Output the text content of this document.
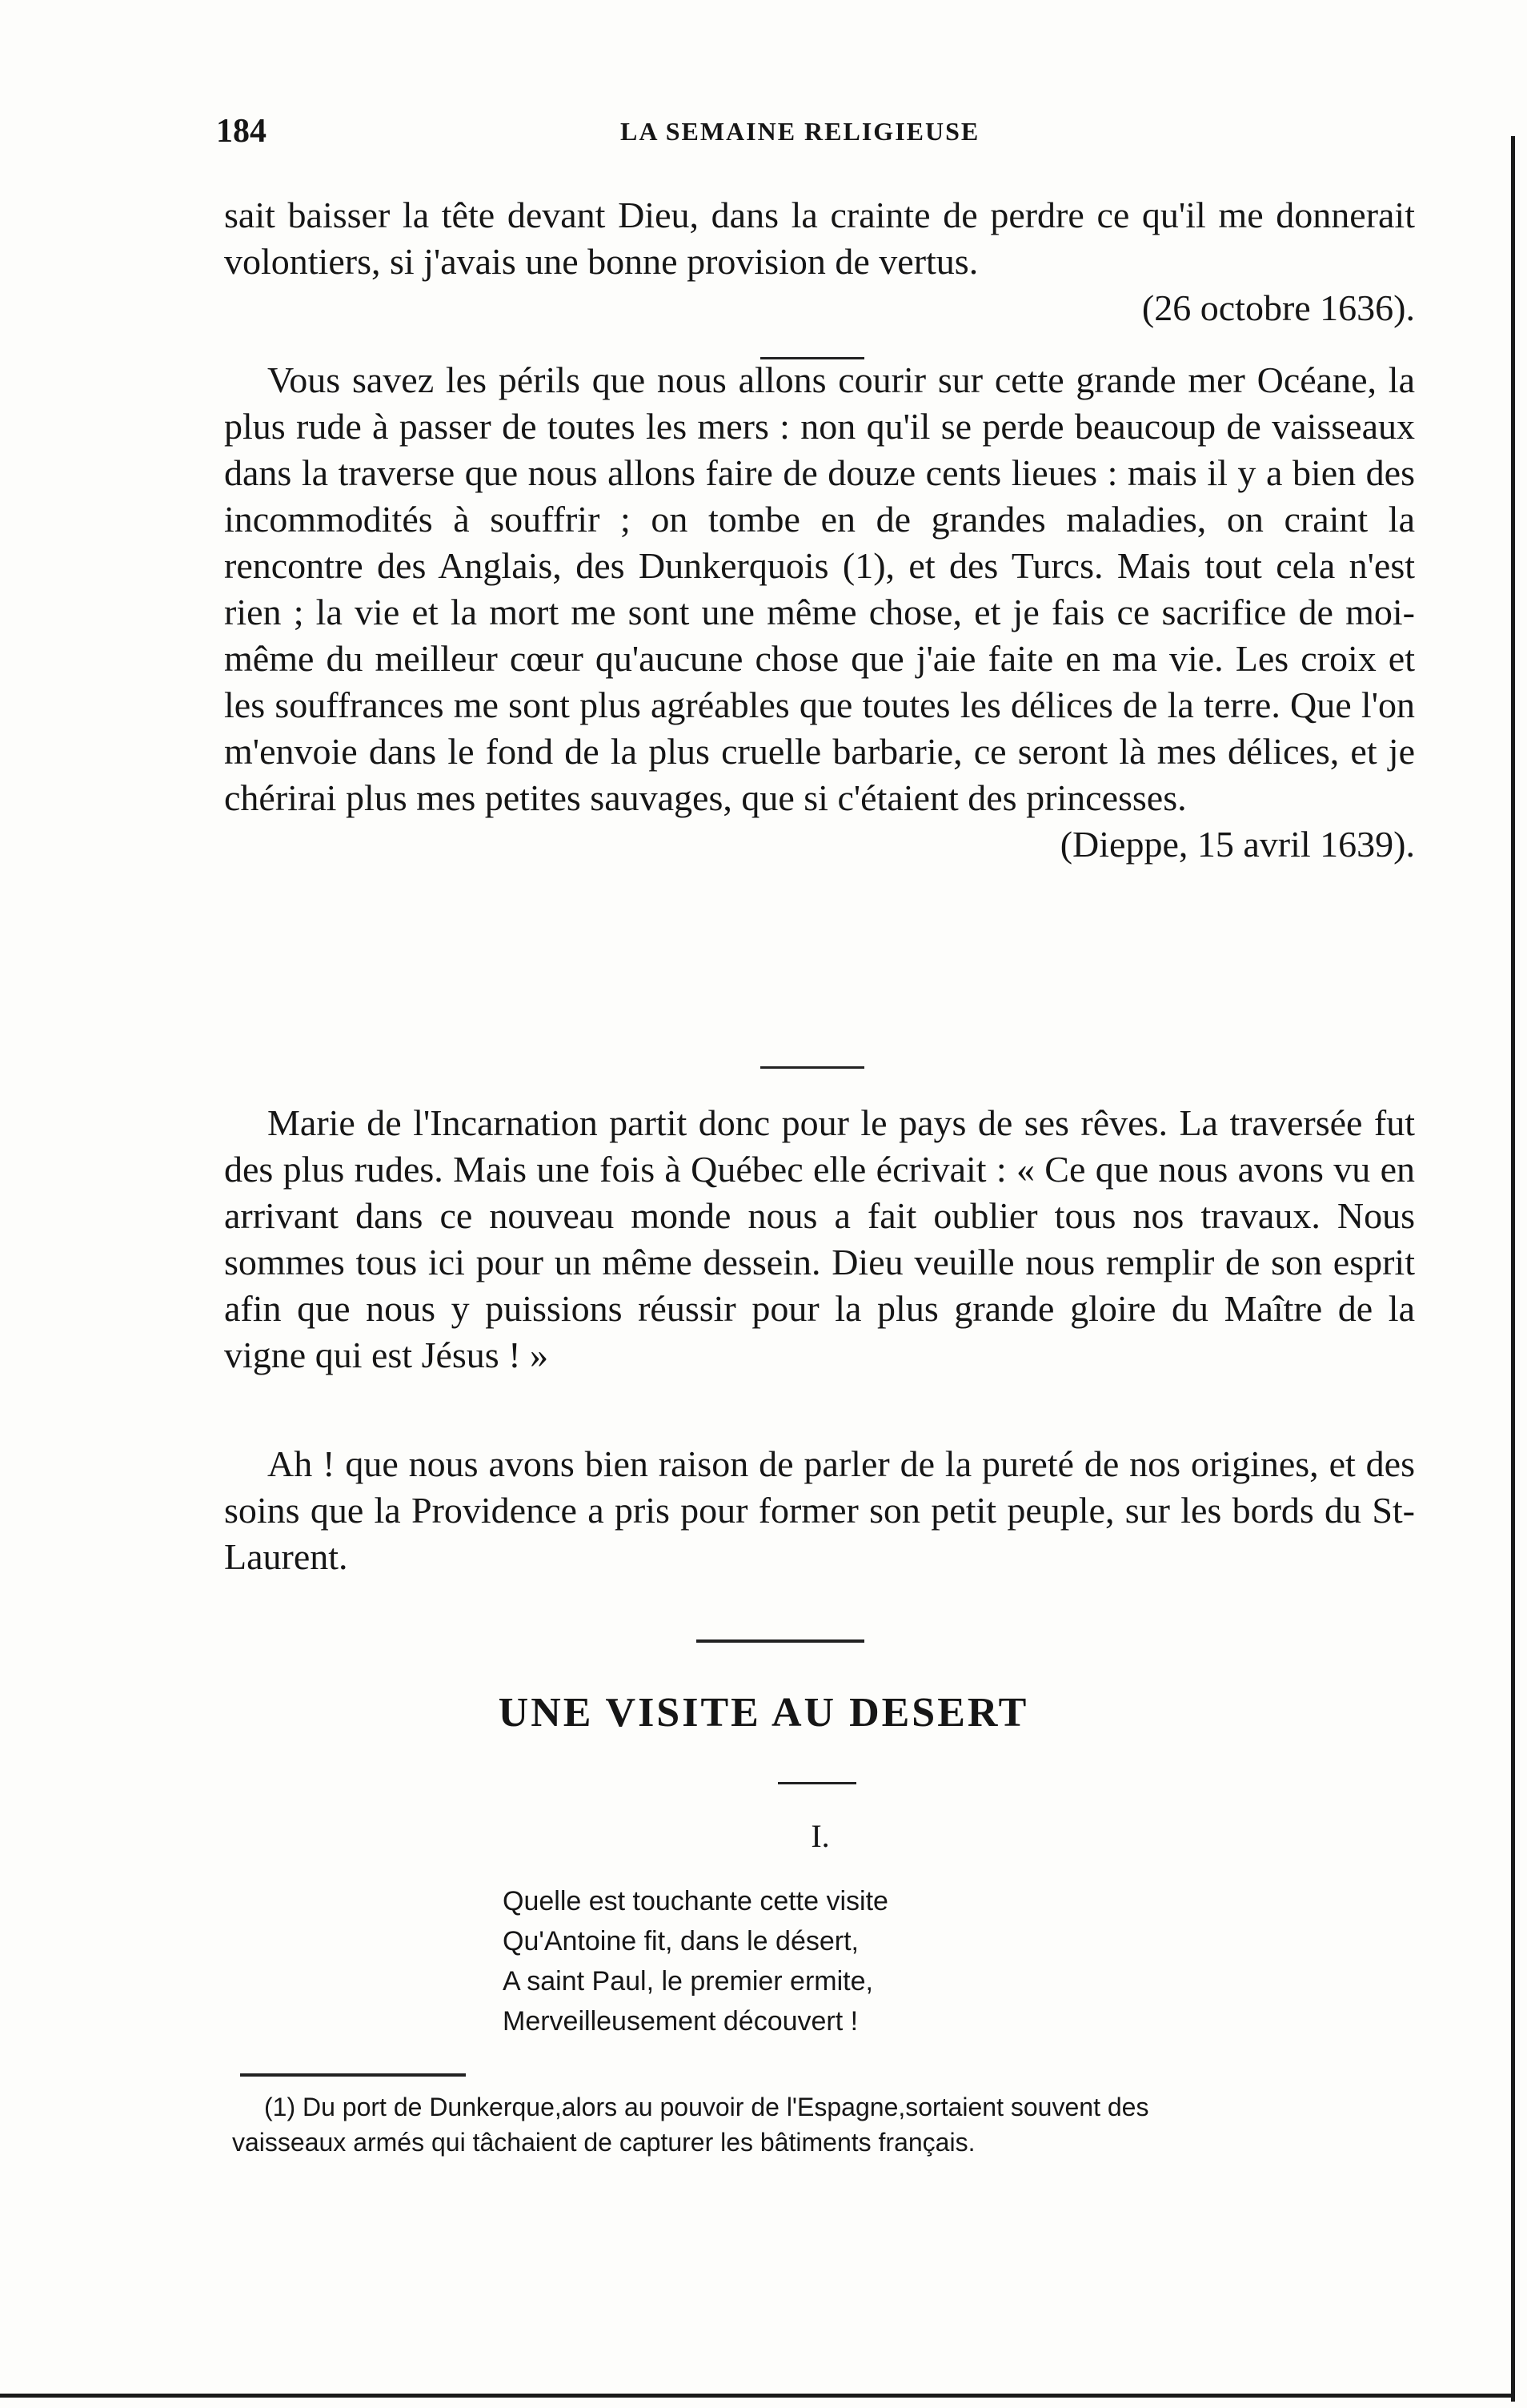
184	LA SEMAINE RELIGIEUSE

sait baisser la tête devant Dieu, dans la crainte de perdre ce qu'il me donnerait volontiers, si j'avais une bonne provision de vertus.

(26 octobre 1636).

Vous savez les périls que nous allons courir sur cette grande mer Océane, la plus rude à passer de toutes les mers : non qu'il se perde beaucoup de vaisseaux dans la traverse que nous allons faire de douze cents lieues : mais il y a bien des incommodités à souffrir ; on tombe en de grandes maladies, on craint la rencontre des Anglais, des Dunkerquois (1), et des Turcs. Mais tout cela n'est rien ; la vie et la mort me sont une même chose, et je fais ce sacrifice de moi-même du meilleur cœur qu'aucune chose que j'aie faite en ma vie. Les croix et les souffrances me sont plus agréables que toutes les délices de la terre. Que l'on m'envoie dans le fond de la plus cruelle barbarie, ce seront là mes délices, et je chérirai plus mes petites sauvages, que si c'étaient des princesses.

(Dieppe, 15 avril 1639).

Marie de l'Incarnation partit donc pour le pays de ses rêves. La traversée fut des plus rudes. Mais une fois à Québec elle écrivait : « Ce que nous avons vu en arrivant dans ce nouveau monde nous a fait oublier tous nos travaux. Nous sommes tous ici pour un même dessein. Dieu veuille nous remplir de son esprit afin que nous y puissions réussir pour la plus grande gloire du Maître de la vigne qui est Jésus ! »

Ah ! que nous avons bien raison de parler de la pureté de nos origines, et des soins que la Providence a pris pour former son petit peuple, sur les bords du St-Laurent.

UNE VISITE AU DESERT
I.
Quelle est touchante cette visite
Qu'Antoine fit, dans le désert,
A saint Paul, le premier ermite,
Merveilleusement découvert !
(1) Du port de Dunkerque,alors au pouvoir de l'Espagne,sortaient souvent des
vaisseaux armés qui tâchaient de capturer les bâtiments français.
